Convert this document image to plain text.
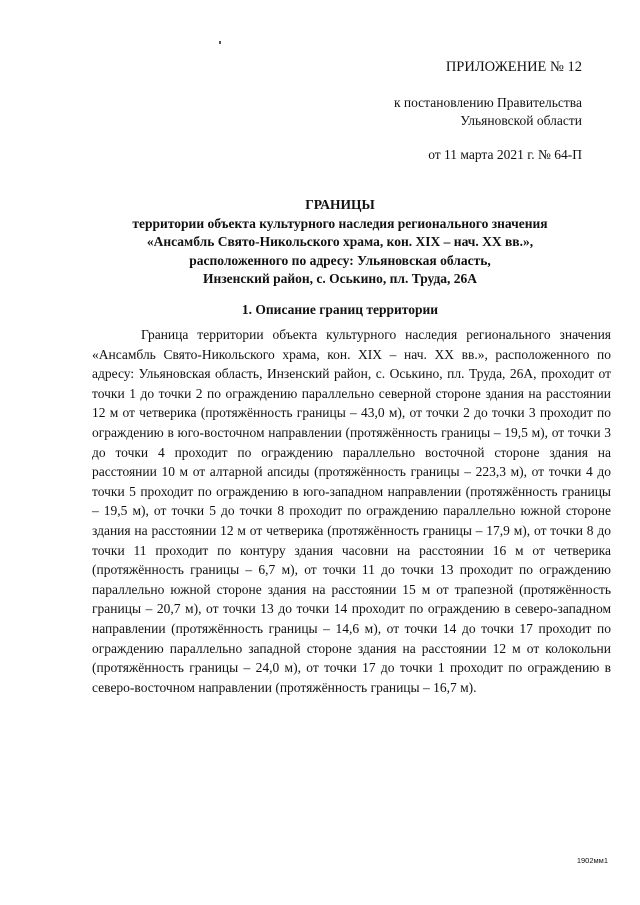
ПРИЛОЖЕНИЕ № 12
к постановлению Правительства
Ульяновской области
от 11 марта 2021 г. № 64-П
ГРАНИЦЫ
территории объекта культурного наследия регионального значения
«Ансамбль Свято-Никольского храма, кон. XIX – нач. XX вв.»,
расположенного по адресу: Ульяновская область,
Инзенский район, с. Оськино, пл. Труда, 26А
1. Описание границ территории

Граница территории объекта культурного наследия регионального значения «Ансамбль Свято-Никольского храма, кон. XIX – нач. XX вв.», расположенного по адресу: Ульяновская область, Инзенский район, с. Оськино, пл. Труда, 26А, проходит от точки 1 до точки 2 по ограждению параллельно северной стороне здания на расстоянии 12 м от четверика (протяжённость границы – 43,0 м), от точки 2 до точки 3 проходит по ограждению в юго-восточном направлении (протяжённость границы – 19,5 м), от точки 3 до точки 4 проходит по ограждению параллельно восточной стороне здания на расстоянии 10 м от алтарной апсиды (протяжённость границы – 223,3 м), от точки 4 до точки 5 проходит по ограждению в юго-западном направлении (протяжённость границы – 19,5 м), от точки 5 до точки 8 проходит по ограждению параллельно южной стороне здания на расстоянии 12 м от четверика (протяжённость границы – 17,9 м), от точки 8 до точки 11 проходит по контуру здания часовни на расстоянии 16 м от четверика (протяжённость границы – 6,7 м), от точки 11 до точки 13 проходит по ограждению параллельно южной стороне здания на расстоянии 15 м от трапезной (протяжённость границы – 20,7 м), от точки 13 до точки 14 проходит по ограждению в северо-западном направлении (протяжённость границы – 14,6 м), от точки 14 до точки 17 проходит по ограждению параллельно западной стороне здания на расстоянии 12 м от колокольни (протяжённость границы – 24,0 м), от точки 17 до точки 1 проходит по ограждению в северо-восточном направлении (протяжённость границы – 16,7 м).

1902мм1
